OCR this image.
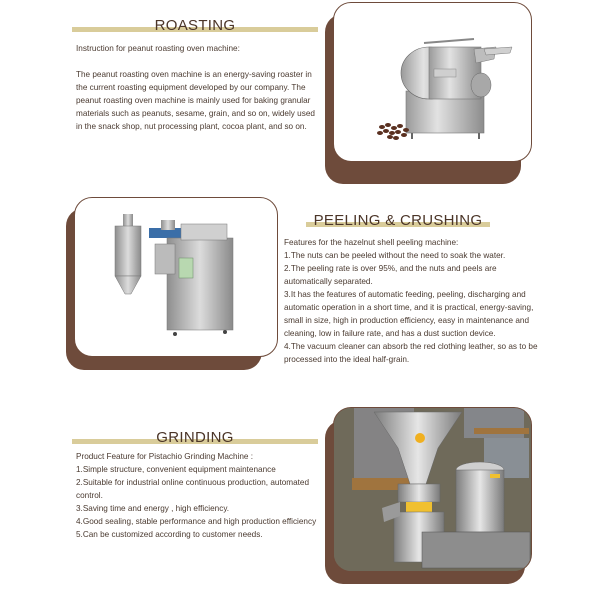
ROASTING

Instruction for peanut roasting oven machine:

The peanut roasting oven machine is an energy-saving roaster in the current roasting equipment developed by our company. The peanut roasting oven machine is mainly used for baking granular materials such as peanuts, sesame, grain, and so on, widely used in the snack shop, nut processing plant, cocoa plant, and so on.

PEELING & CRUSHING

Features for the hazelnut shell peeling machine:

1.The nuts can be peeled without the need to soak the water.

2.The peeling rate is over 95%, and the nuts and peels are automatically separated.

3.It has the features of automatic feeding, peeling, discharging and automatic operation in a short time, and it is practical, energy-saving, small in size, high in production efficiency, easy in maintenance and cleaning, low in failure rate, and has a dust suction device.

4.The vacuum cleaner can absorb the red clothing leather, so as to be processed into the ideal half-grain.

GRINDING

Product Feature for Pistachio Grinding Machine :

1.Simple structure, convenient equipment maintenance

2.Suitable for industrial online continuous production, automated control.

3.Saving time and energy , high efficiency.

4.Good sealing, stable performance and high production efficiency

5.Can be customized according to customer needs.
